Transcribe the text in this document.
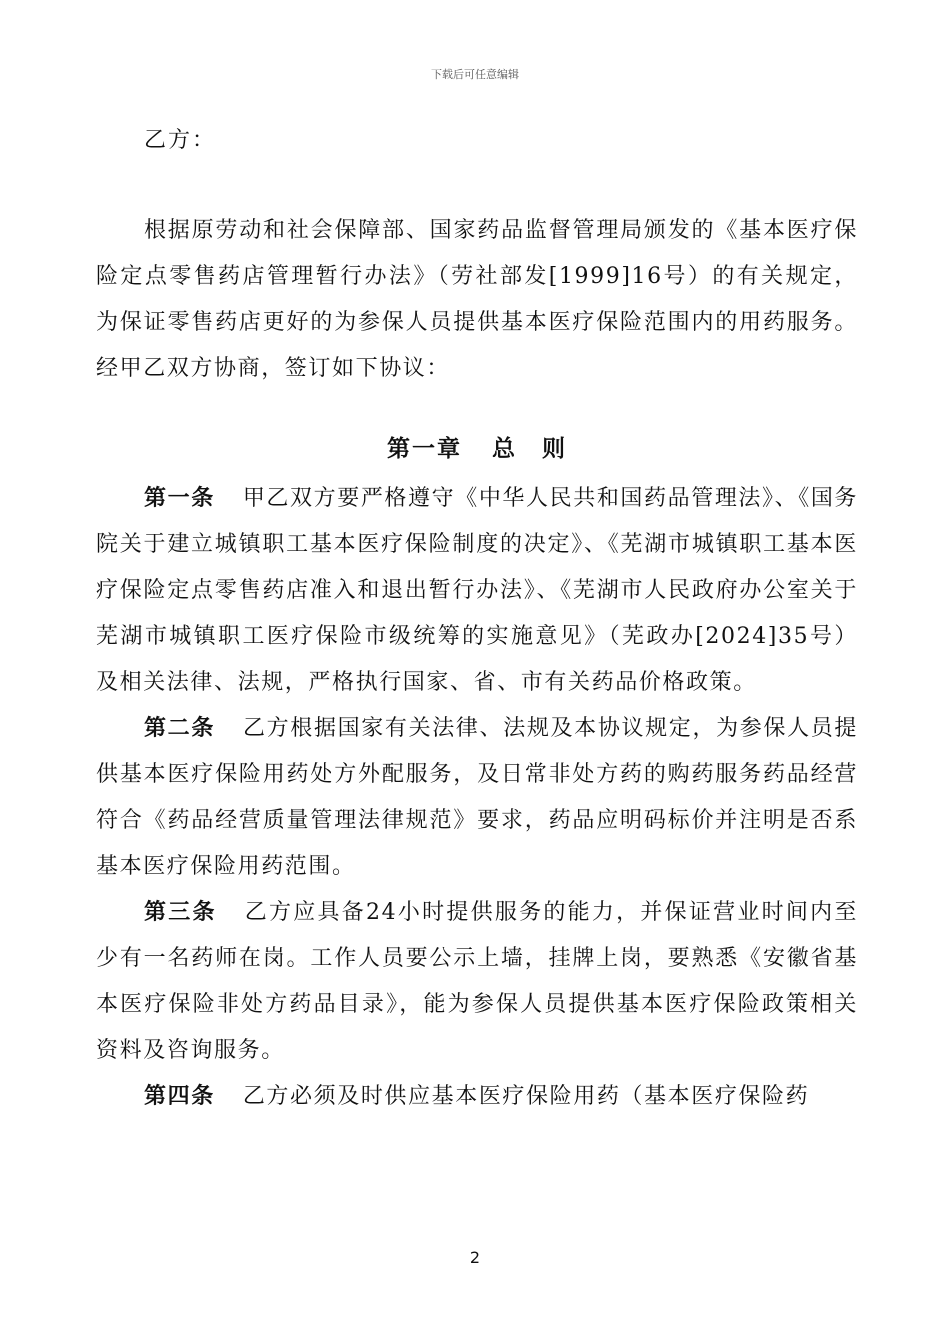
下载后可任意编辑
乙方：

根据原劳动和社会保障部、国家药品监督管理局颁发的《基本医疗保险定点零售药店管理暂行办法》（劳社部发[1999]16号）的有关规定，为保证零售药店更好的为参保人员提供基本医疗保险范围内的用药服务。经甲乙双方协商，签订如下协议：

第一章 总　则

第一条 甲乙双方要严格遵守《中华人民共和国药品管理法》、《国务院关于建立城镇职工基本医疗保险制度的决定》、《芜湖市城镇职工基本医疗保险定点零售药店准入和退出暂行办法》、《芜湖市人民政府办公室关于芜湖市城镇职工医疗保险市级统筹的实施意见》（芜政办[2024]35号）及相关法律、法规，严格执行国家、省、市有关药品价格政策。

第二条 乙方根据国家有关法律、法规及本协议规定，为参保人员提供基本医疗保险用药处方外配服务，及日常非处方药的购药服务药品经营符合《药品经营质量管理法律规范》要求，药品应明码标价并注明是否系基本医疗保险用药范围。

第三条 乙方应具备24小时提供服务的能力，并保证营业时间内至少有一名药师在岗。工作人员要公示上墙，挂牌上岗，要熟悉《安徽省基本医疗保险非处方药品目录》，能为参保人员提供基本医疗保险政策相关资料及咨询服务。

第四条 乙方必须及时供应基本医疗保险用药（基本医疗保险药

2
